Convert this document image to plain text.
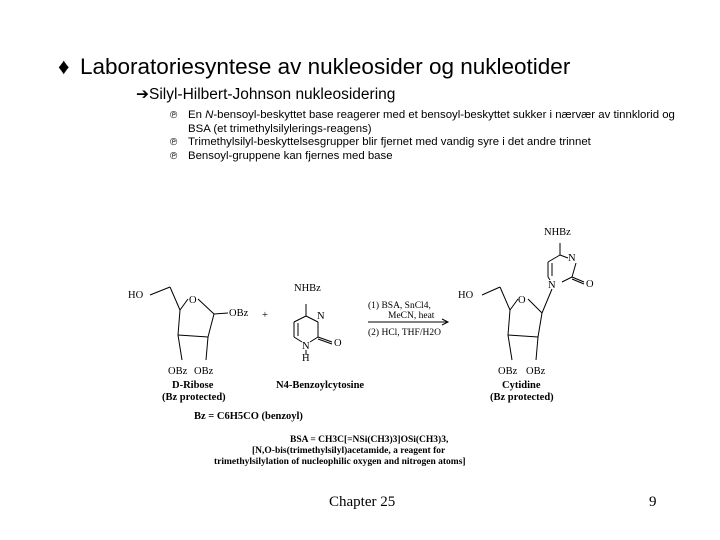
♦ Laboratoriesyntese av nukleosider og nukleotider
➔Silyl-Hilbert-Johnson nukleosidering
℗ En N-bensoyl-beskyttet base reagerer med et bensoyl-beskyttet sukker i nærvær av tinnklorid og BSA (et trimethylsilylerings-reagens)
℗ Trimethylsilyl-beskyttelsesgrupper blir fjernet med vandig syre i det andre trinnet
℗ Bensoyl-gruppene kan fjernes med base
HO	O
OBz +
OBz OBz
D-Ribose
(Bz protected)
NHBz
N
N
H
O
N4-Benzoylcytosine
(1) BSA, SnCl4,
MeCN, heat
(2) HCl, THF/H2O
NHBz
N
N	O
HO	O
OBz OBz
Cytidine
(Bz protected)
Bz = C6H5CO (benzoyl)
BSA = CH3C[=NSi(CH3)3]OSi(CH3)3,
[N,O-bis(trimethylsilyl)acetamide, a reagent for
trimethylsilylation of nucleophilic oxygen and nitrogen atoms]
Chapter 25	9
